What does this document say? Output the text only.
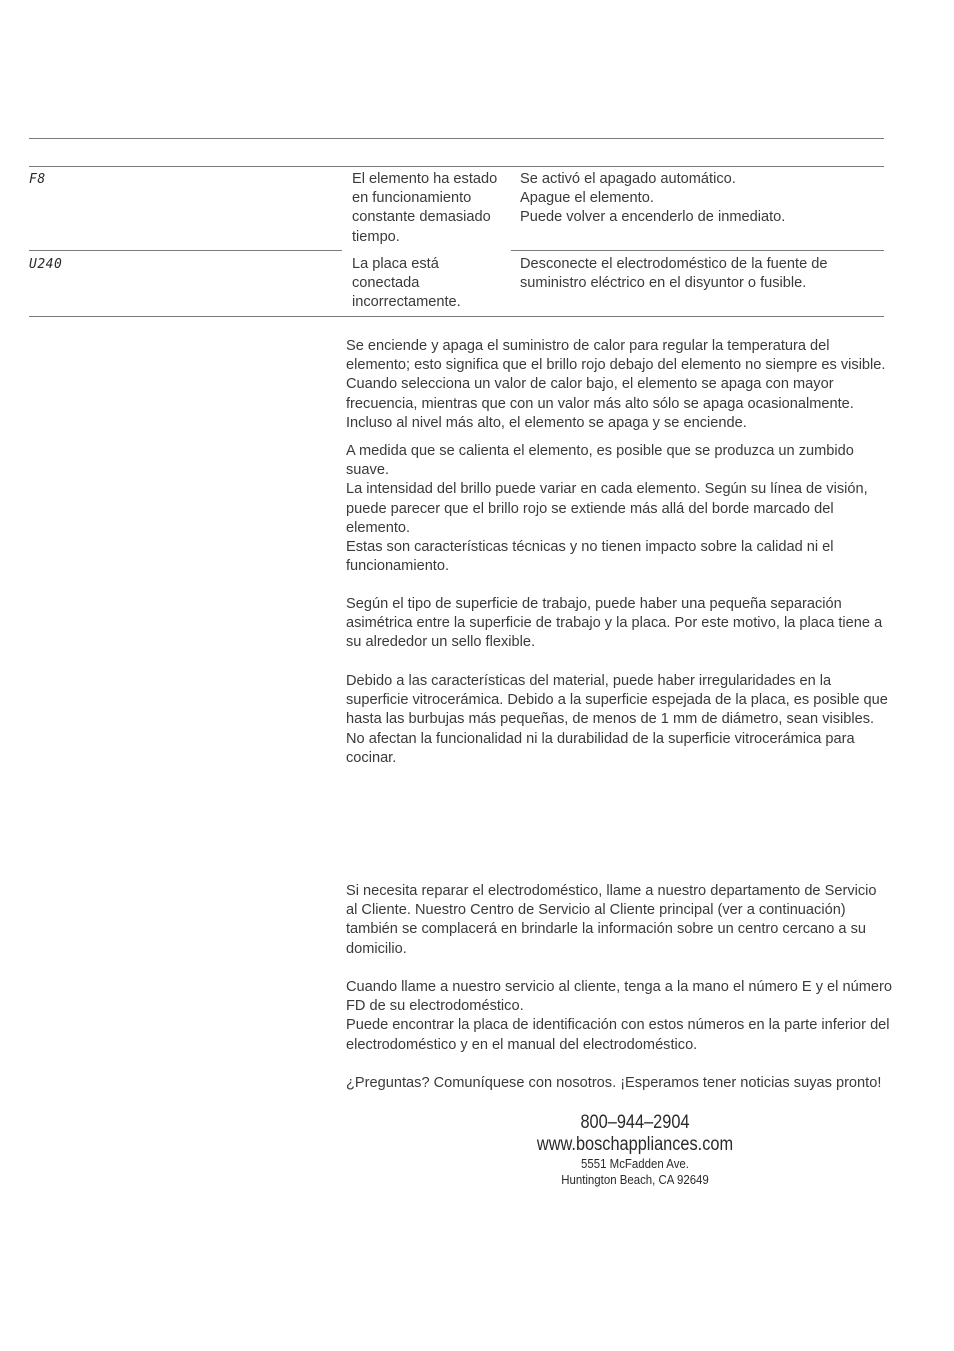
F8	El elemento ha estado
en funcionamiento
constante demasiado
tiempo.
Se activó el apagado automático.
Apague el elemento.
Puede volver a encenderlo de inmediato.
U240	La placa está
conectada
incorrectamente.
Desconecte el electrodoméstico de la fuente de
suministro eléctrico en el disyuntor o fusible.
Se enciende y apaga el suministro de calor para regular la temperatura del
elemento; esto significa que el brillo rojo debajo del elemento no siempre es visible.
Cuando selecciona un valor de calor bajo, el elemento se apaga con mayor
frecuencia, mientras que con un valor más alto sólo se apaga ocasionalmente.
Incluso al nivel más alto, el elemento se apaga y se enciende.
A medida que se calienta el elemento, es posible que se produzca un zumbido
suave.
La intensidad del brillo puede variar en cada elemento. Según su línea de visión,
puede parecer que el brillo rojo se extiende más allá del borde marcado del
elemento.
Estas son características técnicas y no tienen impacto sobre la calidad ni el
funcionamiento.
Según el tipo de superficie de trabajo, puede haber una pequeña separación
asimétrica entre la superficie de trabajo y la placa. Por este motivo, la placa tiene a
su alrededor un sello flexible.
Debido a las características del material, puede haber irregularidades en la
superficie vitrocerámica. Debido a la superficie espejada de la placa, es posible que
hasta las burbujas más pequeñas, de menos de 1 mm de diámetro, sean visibles.
No afectan la funcionalidad ni la durabilidad de la superficie vitrocerámica para
cocinar.
Si necesita reparar el electrodoméstico, llame a nuestro departamento de Servicio
al Cliente. Nuestro Centro de Servicio al Cliente principal (ver a continuación)
también se complacerá en brindarle la información sobre un centro cercano a su
domicilio.
Cuando llame a nuestro servicio al cliente, tenga a la mano el número E y el número
FD de su electrodoméstico.
Puede encontrar la placa de identificación con estos números en la parte inferior del
electrodoméstico y en el manual del electrodoméstico.
¿Preguntas? Comuníquese con nosotros. ¡Esperamos tener noticias suyas pronto!
800–944–2904
www.boschappliances.com
5551 McFadden Ave.
Huntington Beach, CA 92649
